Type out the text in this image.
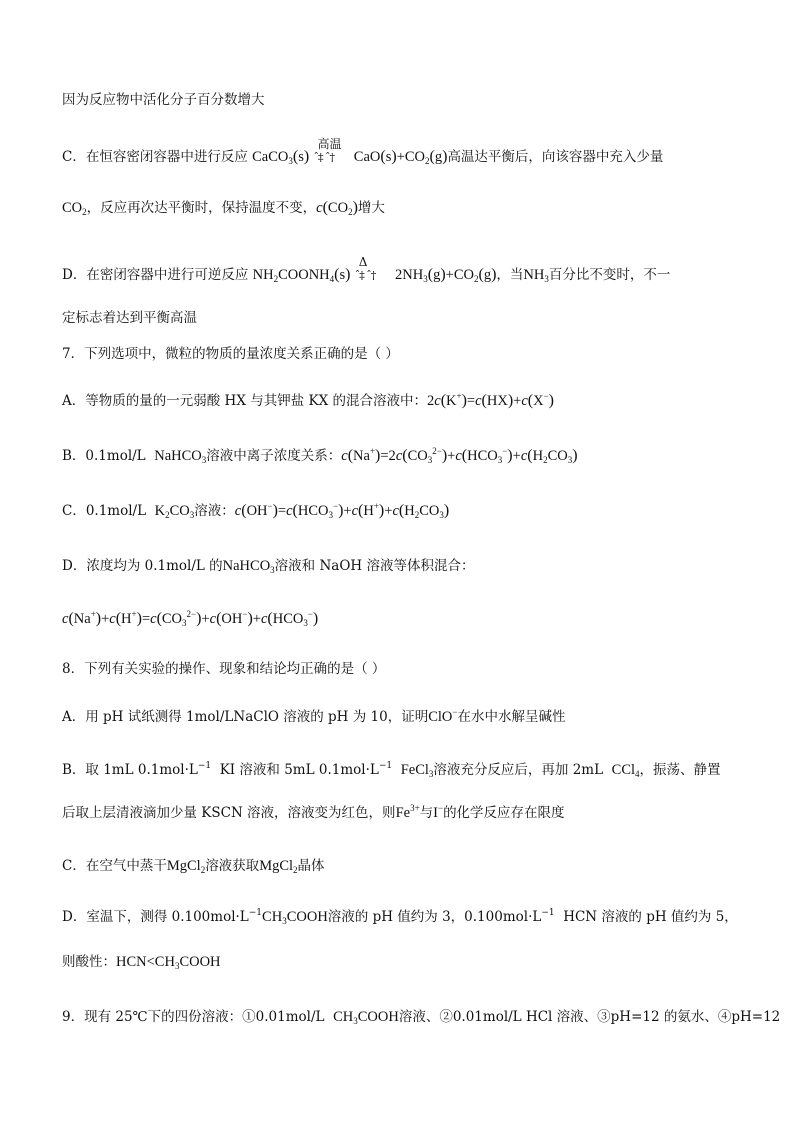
因为反应物中活化分子百分数增大
C．在恒容密闭容器中进行反应 CaCO$_3$(s)
高温
ˆ‡ ˆ† $CaO(s)+CO_2(g)$高温达平衡后，向该容器中充入少量
$CO_2$，反应再次达平衡时，保持温度不变，$c(CO_2)$增大
D．在密闭容器中进行可逆反应 $NH_2COONH_4(s)$
Δ
ˆ‡ ˆ† $2NH_3(g)+CO_2(g)$，当$NH_3$百分比不变时，不一
定标志着达到平衡高温
7．下列选项中，微粒的物质的量浓度关系正确的是（ ）
A．等物质的量的一元弱酸 HX 与其钾盐 KX 的混合溶液中：2c(K+)=c(HX)+c(X−)
B．0.1mol/L NaHCO$_3$溶液中离子浓度关系：$c(Na^+)=2c(CO_3^{2-})+c(HCO_3^-)+c(H_2CO_3)$
C．0.1mol/L $K_2CO_3$溶液：$c(OH^-)=c(HCO_3^-)+c(H^+)+c(H_2CO_3)$
D．浓度均为 0.1mol/L 的NaHCO$_3$溶液和 NaOH 溶液等体积混合：
$c(Na^+)+c(H^+)=c(CO_3^{2-})+c(OH^-)+c(HCO_3^-)$
8．下列有关实验的操作、现象和结论均正确的是（ ）
A．用 pH 试纸测得 1mol/LNaClO 溶液的 pH 为 10，证明ClO−在水中水解呈碱性
B．取 1mL $0.1mol\cdot L^{-1}$ KI 溶液和 5mL $0.1mol\cdot L^{-1}$ FeCl$_3$溶液充分反应后，再加 2mL CCl$_4$，振荡、静置
后取上层清液滴加少量 KSCN 溶液，溶液变为红色，则$Fe^{3+}$与I−的化学反应存在限度
C．在空气中蒸干MgCl$_2$溶液获取MgCl$_2$晶体
D．室温下，测得 $0.100mol\cdot L^{-1}CH_3COOH$溶液的 pH 值约为 3，$0.100mol\cdot L^{-1}$ HCN 溶液的 pH 值约为 5，
则酸性：$HCN<CH_3COOH$
9．现有 25℃下的四份溶液：①0.01mol/L $CH_3COOH$溶液、②0.01mol/L HCl 溶液、③pH=12 的氨水、④pH=12
